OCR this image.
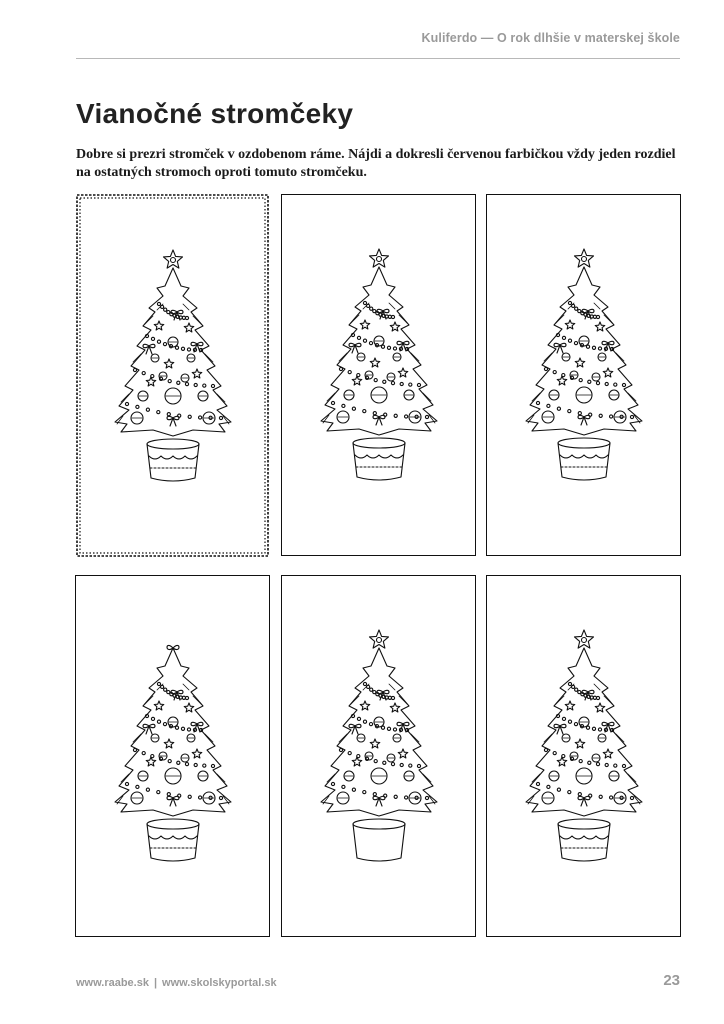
Kuliferdo — O rok dlhšie v materskej škole
Vianočné stromčeky

Dobre si prezri stromček v ozdobenom ráme. Nájdi a dokresli červenou farbičkou vždy jeden rozdiel na ostatných stromoch oproti tomuto stromčeku.

www.raabe.sk | www.skolskyportal.sk	23
